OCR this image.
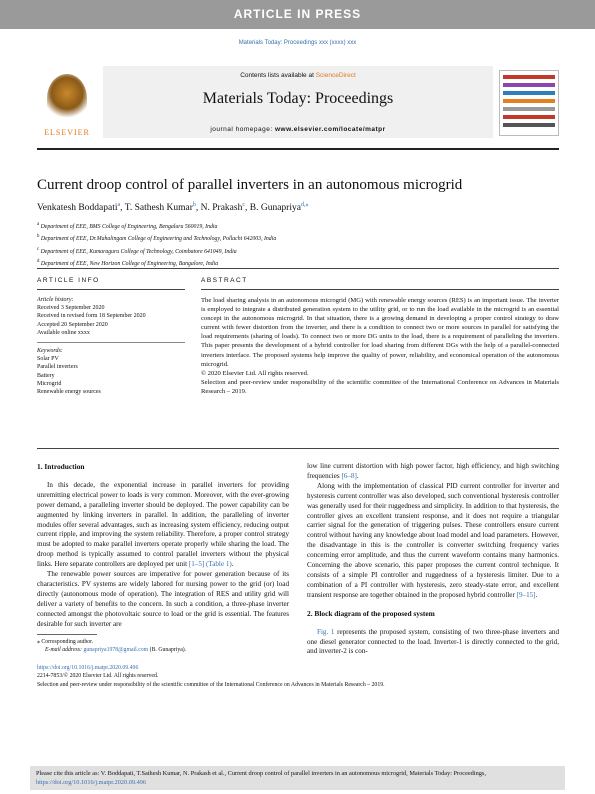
ARTICLE IN PRESS
Materials Today: Proceedings xxx (xxxx) xxx
ELSEVIER
Contents lists available at ScienceDirect
Materials Today: Proceedings
journal homepage: www.elsevier.com/locate/matpr
Current droop control of parallel inverters in an autonomous microgrid
Venkatesh Boddapati$^a$, T. Sathesh Kumar$^b$, N. Prakash$^c$, B. Gunapriya$^{d,⁎}$
$^a$ Department of EEE, BMS College of Engineering, Bengaluru 560019, India
$^b$ Department of EEE, Dr.Mahalingam College of Engineering and Technology, Pollachi 642003, India
$^c$ Department of EEE, Kumaraguru College of Technology, Coimbatore 641049, India
$^d$ Department of EEE, New Horizon College of Engineering, Bangalore, India
ARTICLE INFO	ABSTRACT
Article history:
Received 3 September 2020
Received in revised form 18 September 2020
Accepted 20 September 2020
Available online xxxx
Keywords:
Solar PV
Parallel inverters
Battery
Microgrid
Renewable energy sources
The load sharing analysis in an autonomous microgrid (MG) with renewable energy sources (RES) is an important issue. The inverter is employed to integrate a distributed generation system to the utility grid, or to run the load available in the microgrid is an essential concept in the autonomous microgrid. In that situation, there is a growing demand in developing a proper control strategy to draw current with fewer distortion from the inverter, and there is a condition to connect two or more sources in parallel for satisfying the load requirements (sharing of loads). To connect two or more DG units to the load, there is a requirement of paralleling the inverters. This paper presents the development of a hybrid controller for load sharing from different DGs with the help of a parallel-connected inverters interface. The proposed systems help improve the quality of power, reliability, and economical operation of the autonomous microgrid.
© 2020 Elsevier Ltd. All rights reserved.
Selection and peer-review under responsibility of the scientific committee of the International Conference on Advances in Materials Research – 2019.
1. Introduction

In this decade, the exponential increase in parallel inverters for providing unremitting electrical power to loads is very common. Moreover, with the ever-growing power demand, a paralleling inverter should be deployed. The power capability can be augmented by linking inverters in parallel. In addition, the paralleling of inverter modules offer several advantages, such as increasing system efficiency, reducing output current ripple, and improving the system reliability. Therefore, a proper control strategy must be adopted to make parallel inverters operate properly while sharing the load. The droop method is typically assumed to control parallel inverters without the physical links. Here separate controllers are deployed per unit [1–5] (Table 1).

The renewable power sources are imperative for power generation because of its characteristics. PV systems are widely labored for nursing power to the grid (or) load directly (autonomous mode of operation). The integration of RES and utility grid will deliver a variety of benefits to the concern. In such a condition, a three-phase inverter connected amongst the photovoltaic source to load or the grid is essential. The features desirable for such inverter are

low line current distortion with high power factor, high efficiency, and high switching frequencies [6–8].

Along with the implementation of classical PID current controller for inverter and hysteresis current controller was also developed, such conventional hysteresis controller was generally used for their ruggedness and simplicity. In addition to that hysteresis, the controller gives an excellent transient response, and it does not require a triangular carrier signal for the generation of triggering pulses. These controllers ensure current control without having any knowledge about load model and load parameters. However, the disadvantage in this is the controller is converter switching frequency varies concerning error amplitude, and thus the current waveform contains many harmonics. Concerning the above scenario, this paper proposes the current control technique. It consists of a simple PI controller and ruggedness of a hysteresis limiter. Due to a combination of a PI controller with hysteresis, zero steady-state error, and excellent transient response are together obtained in the proposed hybrid controller [9–15].

2. Block diagram of the proposed system

Fig. 1 represents the proposed system, consisting of two three-phase inverters and one diesel generator connected to the load. Inverter-1 is directly connected to the grid, and inverter-2 is con-

⁎ Corresponding author.
E-mail address: gunapriya1978@gmail.com (B. Gunapriya).
https://doi.org/10.1016/j.matpr.2020.09.496
2214-7853/© 2020 Elsevier Ltd. All rights reserved.
Selection and peer-review under responsibility of the scientific committee of the International Conference on Advances in Materials Research – 2019.
Please cite this article as: V. Boddapati, T.Sathesh Kumar, N. Prakash et al., Current droop control of parallel inverters in an autonomous microgrid, Materials Today: Proceedings, https://doi.org/10.1016/j.matpr.2020.09.496
